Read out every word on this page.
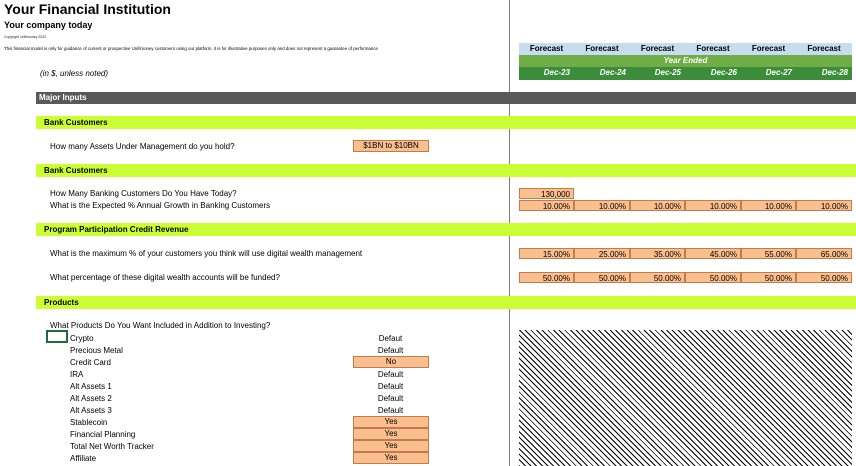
Your Financial Institution
Your company today
Copyright Unifimoney 2022
This financial model is only for guidance of current or prospective Unifimoney customers using our platform, it is for illustrative purposes only and does not represent a guarantee of performance
(in $, unless noted)
Forecast	Forecast	Forecast	Forecast	Forecast	Forecast
Year Ended
Dec-23	Dec-24	Dec-25	Dec-26	Dec-27	Dec-28
Major Inputs
Bank Customers
How many Assets Under Management do you hold?	$1BN to $10BN
Bank Customers
How Many Banking Customers Do You Have Today?	130,000
What is the Expected % Annual Growth in Banking Customers	10.00%	10.00%	10.00%	10.00%	10.00%	10.00%
Program Participation Credit Revenue
What is the maximum % of your customers you think will use digital wealth management	15.00%	25.00%	35.00%	45.00%	55.00%	65.00%
What percentage of these digital wealth accounts will be funded?	50.00%	50.00%	50.00%	50.00%	50.00%	50.00%
Products
What Products Do You Want Included in Addition to Investing?
Crypto	Defaut
Precious Metal	Default
Credit Card	No
IRA	Default
Alt Assets 1	Default
Alt Assets 2	Default
Alt Assets 3	Default
Stablecoin	Yes
Financial Planning	Yes
Total Net Worth Tracker	Yes
Affiliate	Yes
